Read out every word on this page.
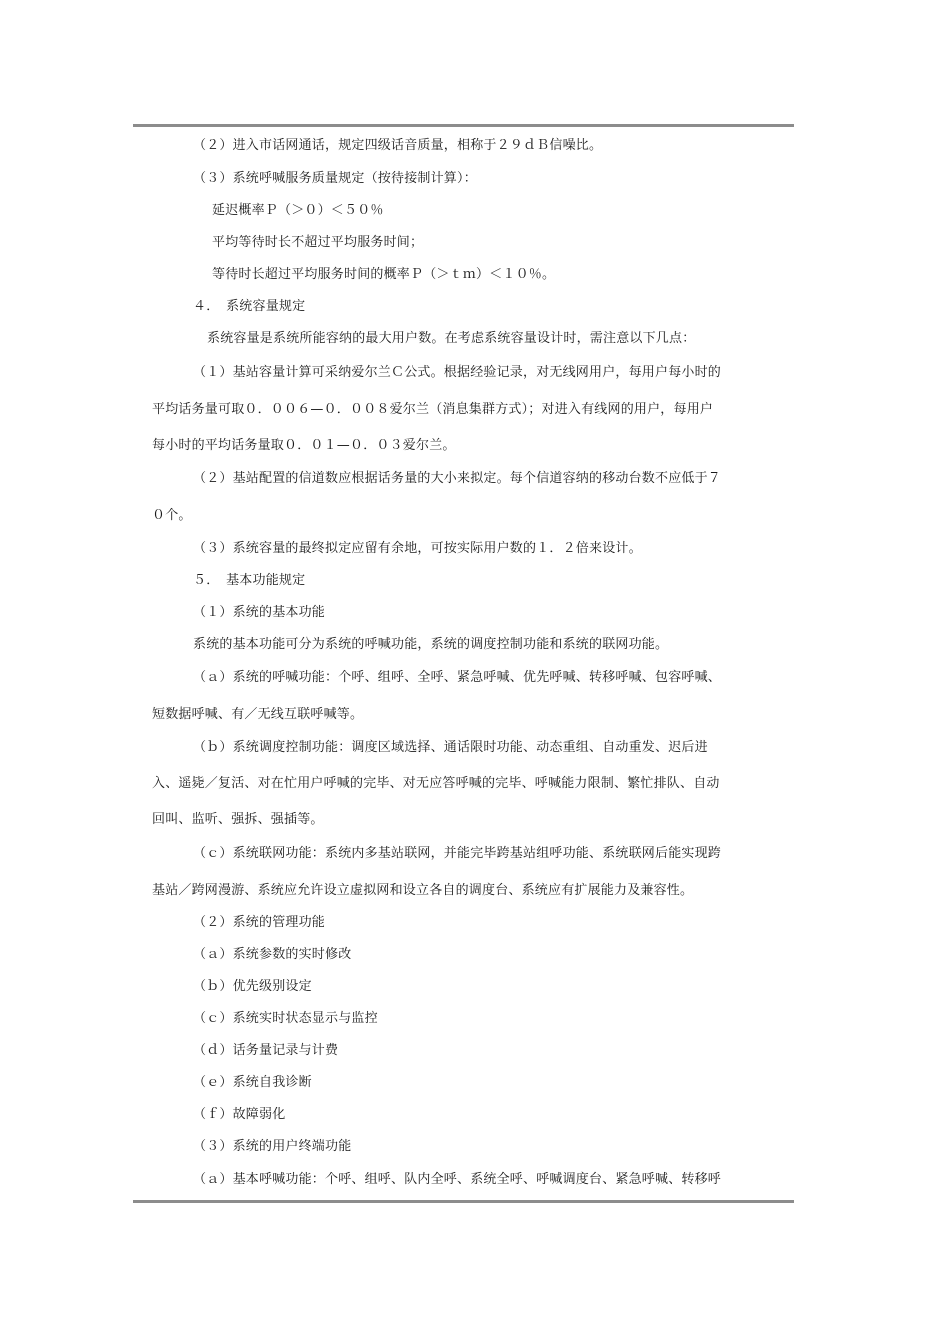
（２）进入市话网通话，规定四级话音质量，相称于２９ｄＢ信噪比。
（３）系统呼喊服务质量规定（按待接制计算）：
延迟概率Ｐ（＞０）＜５０％
平均等待时长不超过平均服务时间；
等待时长超过平均服务时间的概率Ｐ（＞ｔｍ）＜１０％。
４．　系统容量规定
系统容量是系统所能容纳的最大用户数。在考虑系统容量设计时，需注意以下几点：
（１）基站容量计算可采纳爱尔兰Ｃ公式。根据经验记录，对无线网用户，每用户每小时的
平均话务量可取０．００６—０．００８爱尔兰（消息集群方式）；对进入有线网的用户，每用户
每小时的平均话务量取０．０１—０．０３爱尔兰。
（２）基站配置的信道数应根据话务量的大小来拟定。每个信道容纳的移动台数不应低于７
０个。
（３）系统容量的最终拟定应留有余地，可按实际用户数的１．２倍来设计。
５．　基本功能规定
（１）系统的基本功能
系统的基本功能可分为系统的呼喊功能，系统的调度控制功能和系统的联网功能。
（ａ）系统的呼喊功能：个呼、组呼、全呼、紧急呼喊、优先呼喊、转移呼喊、包容呼喊、
短数据呼喊、有／无线互联呼喊等。
（ｂ）系统调度控制功能：调度区域选择、通话限时功能、动态重组、自动重发、迟后进
入、遥毙／复活、对在忙用户呼喊的完毕、对无应答呼喊的完毕、呼喊能力限制、繁忙排队、自动
回叫、监听、强拆、强插等。
（ｃ）系统联网功能：系统内多基站联网，并能完毕跨基站组呼功能、系统联网后能实现跨
基站／跨网漫游、系统应允许设立虚拟网和设立各自的调度台、系统应有扩展能力及兼容性。
（２）系统的管理功能
（ａ）系统参数的实时修改
（ｂ）优先级别设定
（ｃ）系统实时状态显示与监控
（ｄ）话务量记录与计费
（ｅ）系统自我诊断
（ｆ）故障弱化
（３）系统的用户终端功能
（ａ）基本呼喊功能：个呼、组呼、队内全呼、系统全呼、呼喊调度台、紧急呼喊、转移呼
